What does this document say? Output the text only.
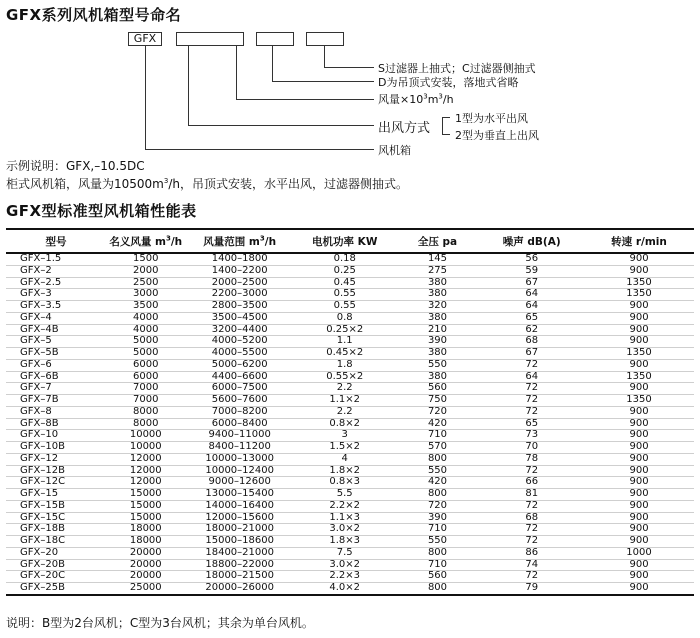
GFX系列风机箱型号命名
GFX
S过滤器上抽式；C过滤器侧抽式
D为吊顶式安装，落地式省略
风量$\times 10^3m^3/h$
出风方式
1型为水平出风
2型为垂直上出风
风机箱
示例说明：GFX,–10.5DC
柜式风机箱，风量为$10500m^3/h$，吊顶式安装，水平出风，过滤器侧抽式。
GFX型标准型风机箱性能表
型号	名义风量 $m^3/h$	风量范围 $m^3/h$	电机功率 KW	全压 pa	噪声 dB(A)	转速 r/min
GFX–1.5	1500	1400–1800	0.18	145	56	900
GFX–2	2000	1400–2200	0.25	275	59	900
GFX–2.5	2500	2000–2500	0.45	380	67	1350
GFX–3	3000	2200–3000	0.55	380	64	1350
GFX–3.5	3500	2800–3500	0.55	320	64	900
GFX–4	4000	3500–4500	0.8	380	65	900
GFX–4B	4000	3200–4400	0.25×2	210	62	900
GFX–5	5000	4000–5200	1.1	390	68	900
GFX–5B	5000	4000–5500	0.45×2	380	67	1350
GFX–6	6000	5000–6200	1.8	550	72	900
GFX–6B	6000	4400–6600	0.55×2	380	64	1350
GFX–7	7000	6000–7500	2.2	560	72	900
GFX–7B	7000	5600–7600	1.1×2	750	72	1350
GFX–8	8000	7000–8200	2.2	720	72	900
GFX–8B	8000	6000–8400	0.8×2	420	65	900
GFX–10	10000	9400–11000	3	710	73	900
GFX–10B	10000	8400–11200	1.5×2	570	70	900
GFX–12	12000	10000–13000	4	800	78	900
GFX–12B	12000	10000–12400	1.8×2	550	72	900
GFX–12C	12000	9000–12600	0.8×3	420	66	900
GFX–15	15000	13000–15400	5.5	800	81	900
GFX–15B	15000	14000–16400	2.2×2	720	72	900
GFX–15C	15000	12000–15600	1.1×3	390	68	900
GFX–18B	18000	18000–21000	3.0×2	710	72	900
GFX–18C	18000	15000–18600	1.8×3	550	72	900
GFX–20	20000	18400–21000	7.5	800	86	1000
GFX–20B	20000	18800–22000	3.0×2	710	74	900
GFX–20C	20000	18000–21500	2.2×3	560	72	900
GFX–25B	25000	20000–26000	4.0×2	800	79	900
说明：B型为2台风机；C型为3台风机；其余为单台风机。
